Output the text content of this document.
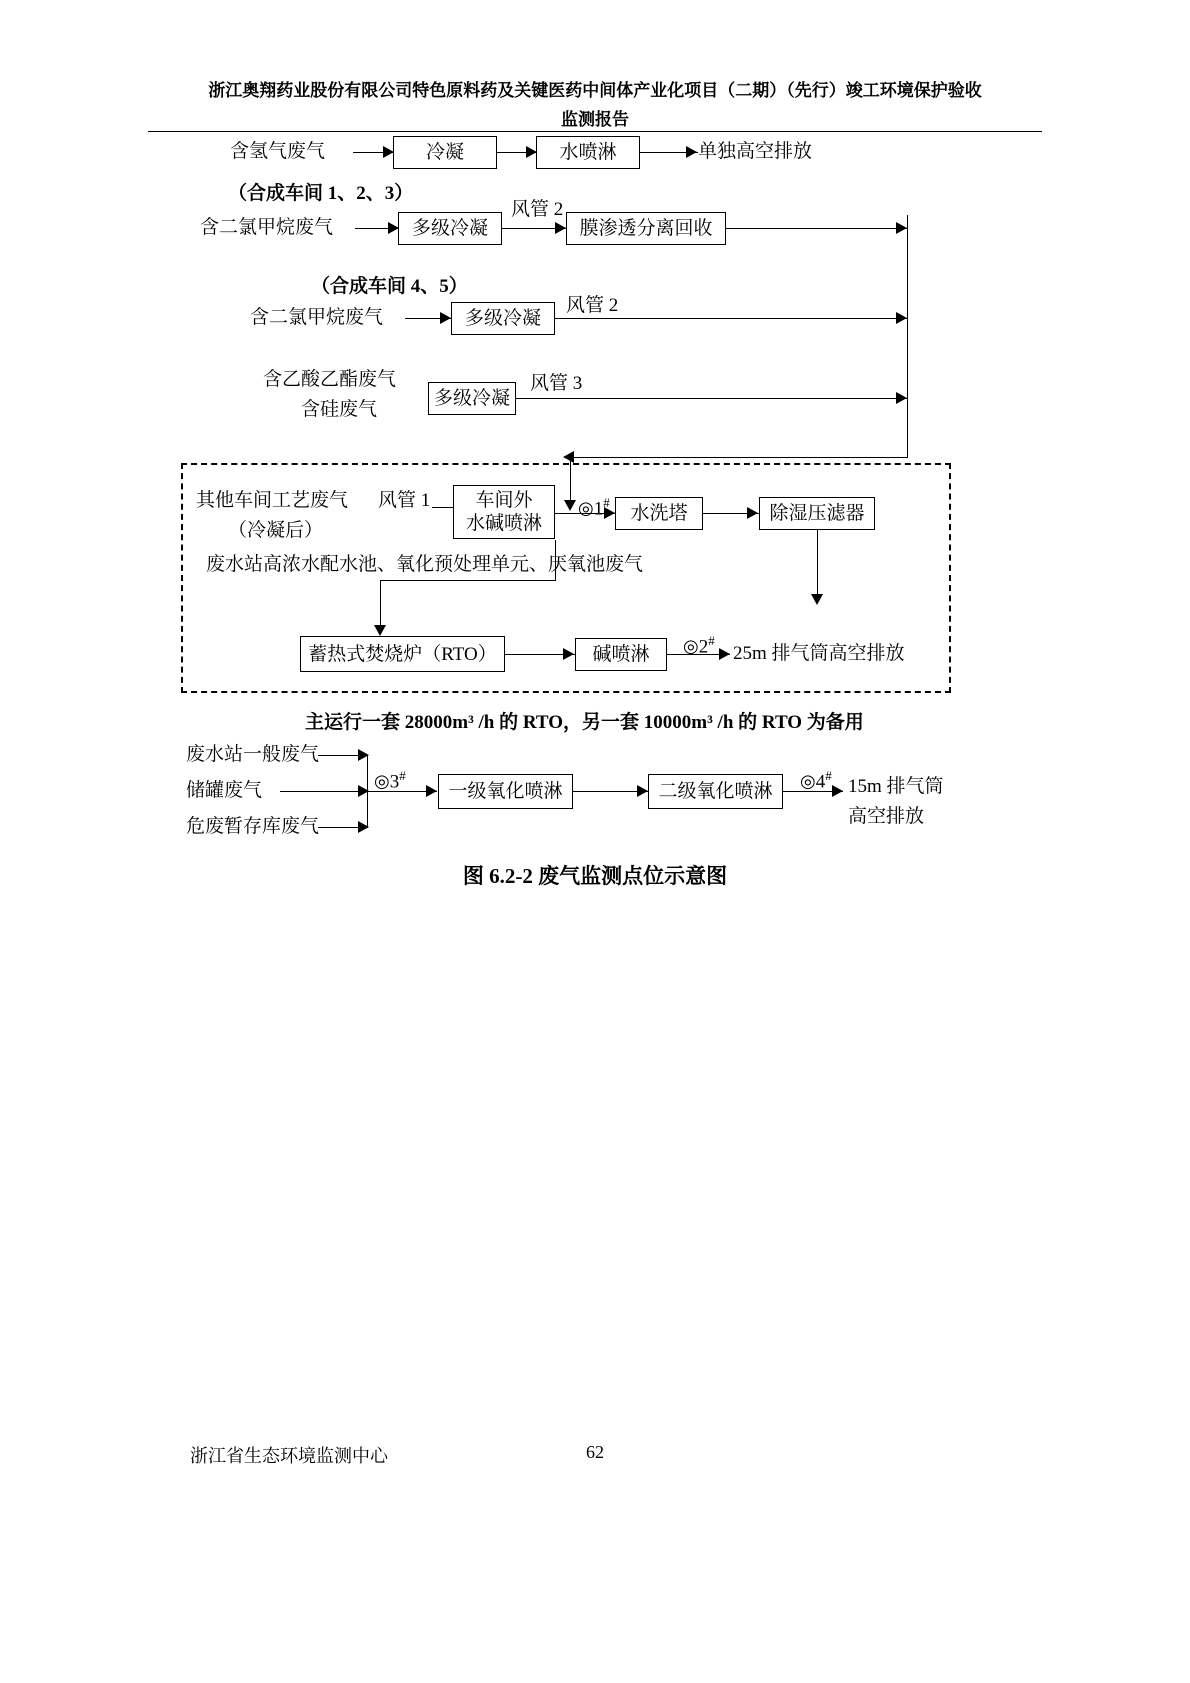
浙江奥翔药业股份有限公司特色原料药及关键医药中间体产业化项目（二期）（先行）竣工环境保护验收
监测报告
含氢气废气	冷凝	水喷淋	单独高空排放
（合成车间 1、2、3）
含二氯甲烷废气	多级冷凝
风管 2
膜渗透分离回收
（合成车间 4、5）
含二氯甲烷废气	多级冷凝
风管 2
含乙酸乙酯废气
含硅废气
多级冷凝
风管 3
其他车间工艺废气
（冷凝后）
风管 1 车间外
水碱喷淋
◎1#
水洗塔	除湿压滤器
废水站高浓水配水池、氧化预处理单元、厌氧池废气
蓄热式焚烧炉（RTO）	碱喷淋	◎2#
25m 排气筒高空排放
主运行一套 28000m³ /h 的 RTO，另一套 10000m³ /h 的 RTO 为备用
废水站一般废气
储罐废气
危废暂存库废气
◎3#
一级氧化喷淋	二级氧化喷淋	◎4#
15m 排气筒
高空排放
图 6.2-2 废气监测点位示意图
浙江省生态环境监测中心	62
